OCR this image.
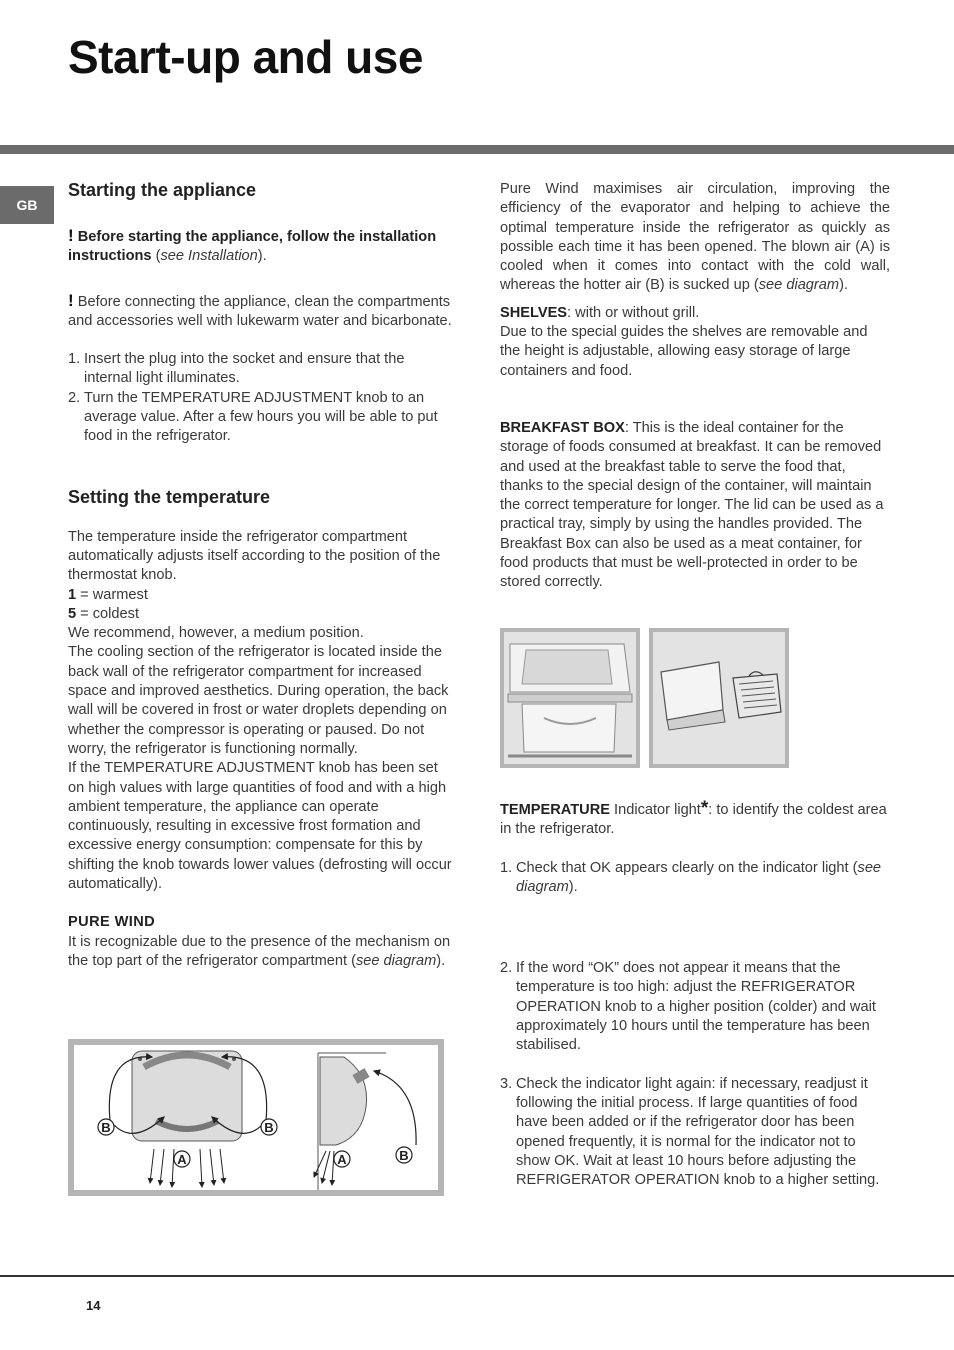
Start-up and use
GB
Starting the appliance

! Before starting the appliance, follow the installation instructions (see Installation).

! Before connecting the appliance, clean the compartments and accessories well with lukewarm water and bicarbonate.

1. Insert the plug into the socket and ensure that the internal light illuminates.
2. Turn the TEMPERATURE ADJUSTMENT knob to an average value. After a few hours you will be able to put food in the refrigerator.
Setting the temperature

The temperature inside the refrigerator compartment automatically adjusts itself according to the position of the thermostat knob.

1 = warmest

5 = coldest

We recommend, however, a medium position.

The cooling section of the refrigerator is located inside the back wall of the refrigerator compartment for increased space and improved aesthetics. During operation, the back wall will be covered in frost or water droplets depending on whether the compressor is operating or paused. Do not worry, the refrigerator is functioning normally.

If the TEMPERATURE ADJUSTMENT knob has been set on high values with large quantities of food and with a high ambient temperature, the appliance can operate continuously, resulting in excessive frost formation and excessive energy consumption: compensate for this by shifting the knob towards lower values (defrosting will occur automatically).

PURE WIND

It is recognizable due to the presence of the mechanism on the top part of the refrigerator compartment (see diagram).

B	B
A	A	B

Pure Wind maximises air circulation, improving the efficiency of the evaporator and helping to achieve the optimal temperature inside the refrigerator as quickly as possible each time it has been opened. The blown air (A) is cooled when it comes into contact with the cold wall, whereas the hotter air (B) is sucked up (see diagram).

SHELVES: with or without grill.

Due to the special guides the shelves are removable and the height is adjustable, allowing easy storage of large containers and food.

BREAKFAST BOX: This is the ideal container for the storage of foods consumed at breakfast. It can be removed and used at the breakfast table to serve the food that, thanks to the special design of the container, will maintain the correct temperature for longer. The lid can be used as a practical tray, simply by using the handles provided. The Breakfast Box can also be used as a meat container, for food products that must be well-protected in order to be stored correctly.

TEMPERATURE Indicator light*: to identify the coldest area in the refrigerator.

1. Check that OK appears clearly on the indicator light (see diagram).
2. If the word “OK” does not appear it means that the temperature is too high: adjust the REFRIGERATOR OPERATION knob to a higher position (colder) and wait approximately 10 hours until the temperature has been stabilised.
3. Check the indicator light again: if necessary, readjust it following the initial process. If large quantities of food have been added or if the refrigerator door has been opened frequently, it is normal for the indicator not to show OK. Wait at least 10 hours before adjusting the REFRIGERATOR OPERATION knob to a higher setting.
14
